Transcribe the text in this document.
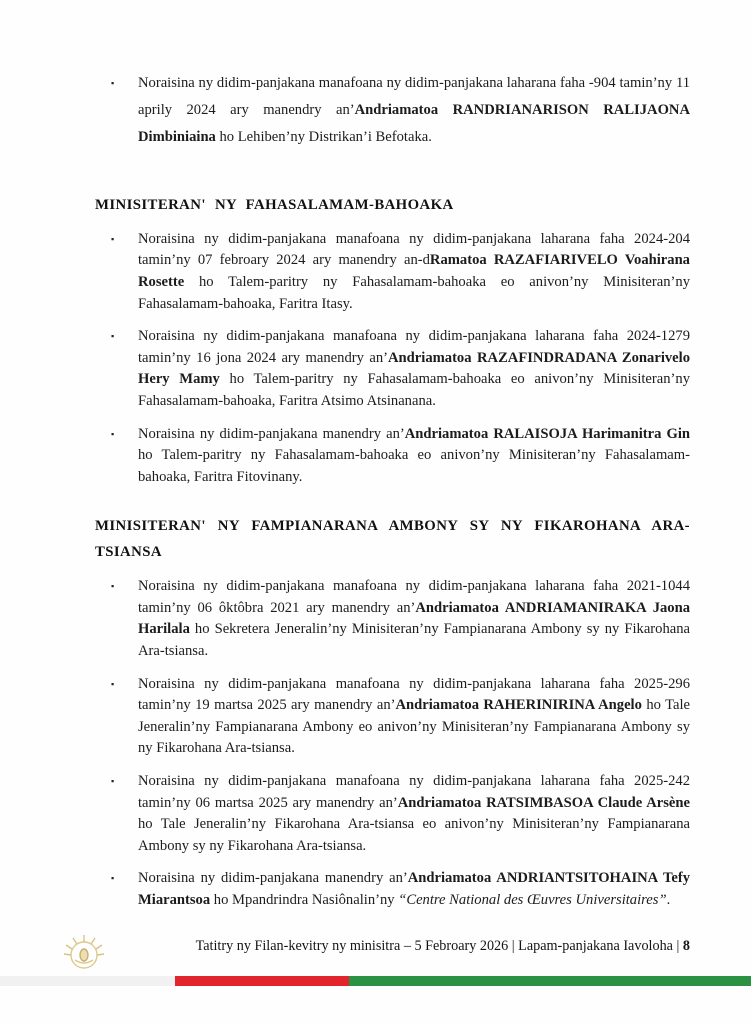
▪	Noraisina ny didim-panjakana manafoana ny didim-panjakana laharana faha -904 tamin’ny 11 aprily 2024 ary manendry an’Andriamatoa RANDRIANARISON RALIJAONA Dimbiniaina ho Lehiben’ny Distrikan’i Befotaka.

MINISITERAN' NY FAHASALAMAM-BAHOAKA
▪	Noraisina ny didim-panjakana manafoana ny didim-panjakana laharana faha 2024-204 tamin’ny 07 febroary 2024 ary manendry an-dRamatoa RAZAFIARIVELO Voahirana Rosette ho Talem-paritry ny Fahasalamam-bahoaka eo anivon’ny Minisiteran’ny Fahasalamam-bahoaka, Faritra Itasy.

▪	Noraisina ny didim-panjakana manafoana ny didim-panjakana laharana faha 2024-1279 tamin’ny 16 jona 2024 ary manendry an’Andriamatoa RAZAFINDRADANA Zonarivelo Hery Mamy ho Talem-paritry ny Fahasalamam-bahoaka eo anivon’ny Minisiteran’ny Fahasalamam-bahoaka, Faritra Atsimo Atsinanana.

▪	Noraisina ny didim-panjakana manendry an’Andriamatoa RALAISOJA Harimanitra Gin ho Talem-paritry ny Fahasalamam-bahoaka eo anivon’ny Minisiteran’ny Fahasalamam-bahoaka, Faritra Fitovinany.

MINISITERAN' NY FAMPIANARANA AMBONY SY NY FIKAROHANA ARA-TSIANSA
▪	Noraisina ny didim-panjakana manafoana ny didim-panjakana laharana faha 2021-1044 tamin’ny 06 ôktôbra 2021 ary manendry an’Andriamatoa ANDRIAMANIRAKA Jaona Harilala ho Sekretera Jeneralin’ny Minisiteran’ny Fampianarana Ambony sy ny Fikarohana Ara-tsiansa.

▪	Noraisina ny didim-panjakana manafoana ny didim-panjakana laharana faha 2025-296 tamin’ny 19 martsa 2025 ary manendry an’Andriamatoa RAHERINIRINA Angelo ho Tale Jeneralin’ny Fampianarana Ambony eo anivon’ny Minisiteran’ny Fampianarana Ambony sy ny Fikarohana Ara-tsiansa.

▪	Noraisina ny didim-panjakana manafoana ny didim-panjakana laharana faha 2025-242 tamin’ny 06 martsa 2025 ary manendry an’Andriamatoa RATSIMBASOA Claude Arsène ho Tale Jeneralin’ny Fikarohana Ara-tsiansa eo anivon’ny Minisiteran’ny Fampianarana Ambony sy ny Fikarohana Ara-tsiansa.

▪	Noraisina ny didim-panjakana manendry an’Andriamatoa ANDRIANTSITOHAINA Tefy Miarantsoa ho Mpandrindra Nasiônalin’ny “Centre National des Œuvres Universitaires”.

Tatitry ny Filan-kevitry ny minisitra – 5 Febroary 2026 | Lapam-panjakana Iavoloha | 8
